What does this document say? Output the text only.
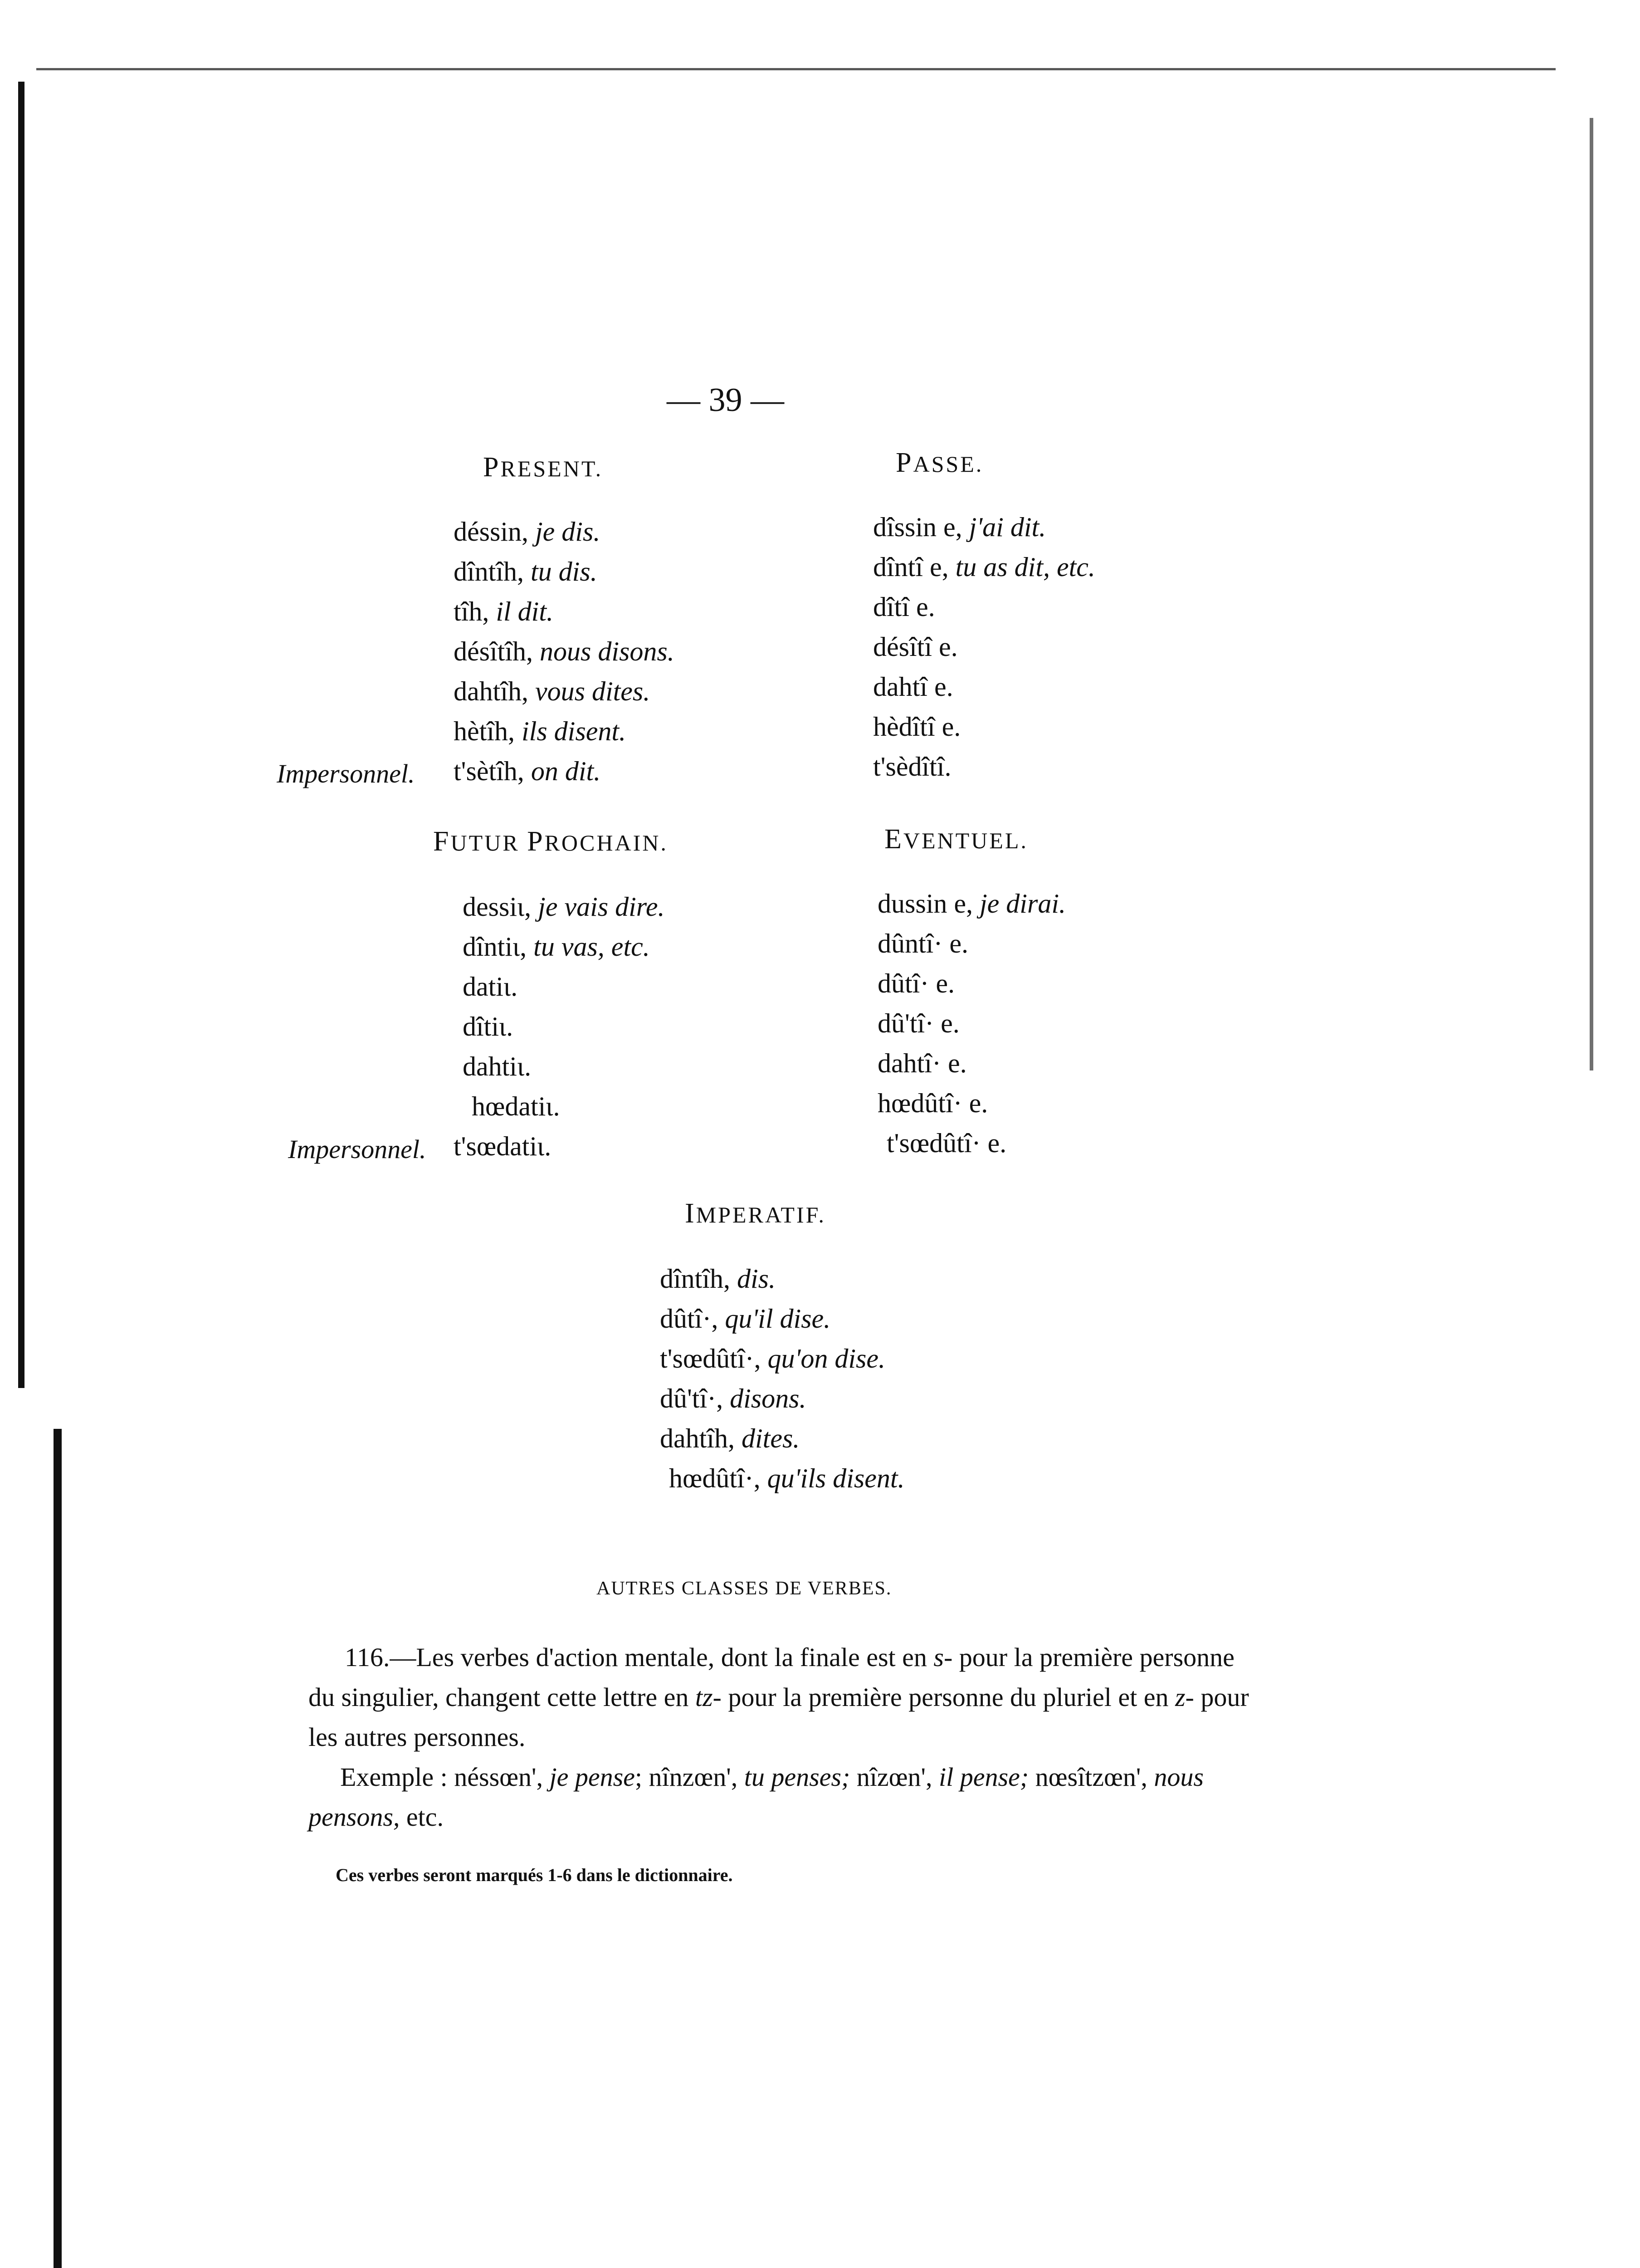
— 39 —
PRESENT.
déssin, je dis.
dîntîh, tu dis.
tîh, il dit.
désîtîh, nous disons.
dahtîh, vous dites.
hètîh, ils disent.
t'sètîh, on dit.
Impersonnel.
PASSE.
dîssin e, j'ai dit.
dîntî e, tu as dit, etc.
dîtî e.
désîtî e.
dahtî e.
hèdîtî e.
t'sèdîtî.
FUTUR PROCHAIN.
dessiɩ, je vais dire.
dîntiɩ, tu vas, etc.
datiɩ.
dîtiɩ.
dahtiɩ.
hœdatiɩ.
t'sœdatiɩ.
Impersonnel.
EVENTUEL.
dussin e, je dirai.
dûntî· e.
dûtî· e.
dû'tî· e.
dahtî· e.
hœdûtî· e.
t'sœdûtî· e.
IMPERATIF.
dîntîh, dis.
dûtî·, qu'il dise.
t'sœdûtî·, qu'on dise.
dû'tî·, disons.
dahtîh, dites.
hœdûtî·, qu'ils disent.
AUTRES CLASSES DE VERBES.
116.—Les verbes d'action mentale, dont la finale est en s- pour la première personne du singulier, changent cette lettre en tz- pour la première personne du pluriel et en z- pour les autres personnes.
Exemple : néssœn', je pense; nînzœn', tu penses; nîzœn', il pense; nœsîtzœn', nous pensons, etc.
Ces verbes seront marqués 1-6 dans le dictionnaire.
